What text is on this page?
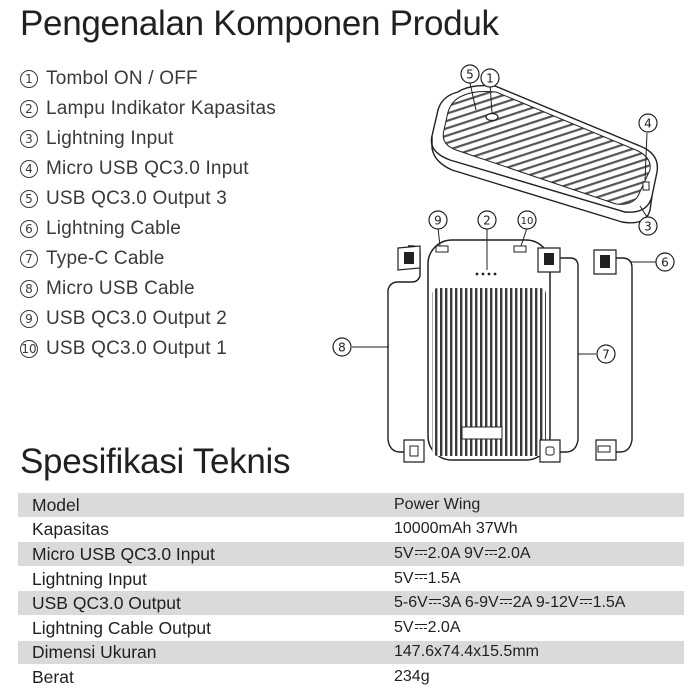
Pengenalan Komponen Produk
1 Tombol ON / OFF
2 Lampu Indikator Kapasitas
3 Lightning Input
4 Micro USB QC3.0 Input
5 USB QC3.0 Output 3
6 Lightning Cable
7 Type-C Cable
8 Micro USB Cable
9 USB QC3.0 Output 2
10 USB QC3.0 Output 1
5 1
4
3
9	2	10
6
8	7
Spesifikasi Teknis
Model	Power Wing
Kapasitas	10000mAh 37Wh
Micro USB QC3.0 Input	5V 2.0A 9V 2.0A
Lightning Input	5V 1.5A
USB QC3.0 Output	5-6V 3A 6-9V 2A 9-12V 1.5A
Lightning Cable Output	5V 2.0A
Dimensi Ukuran	147.6x74.4x15.5mm
Berat	234g
